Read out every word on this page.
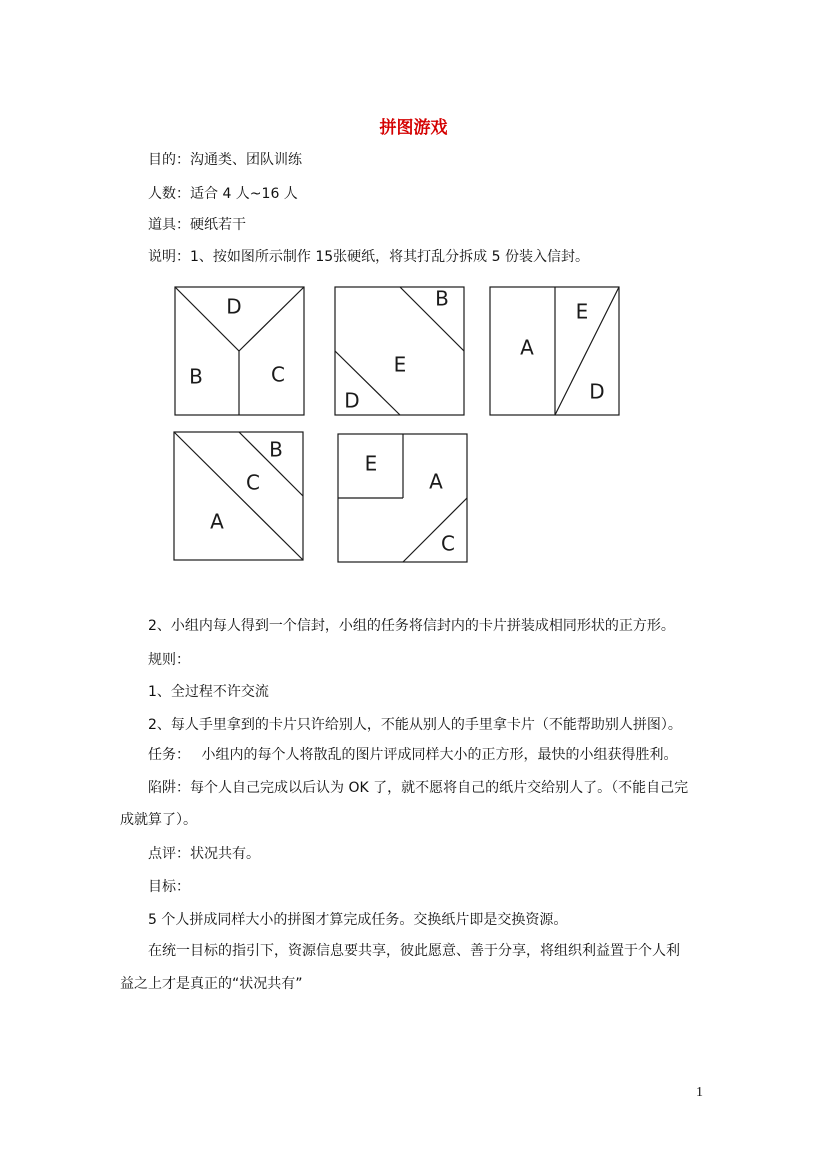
拼图游戏
目的：沟通类、团队训练
人数：适合 4 人~16 人
道具：硬纸若干
说明：1、按如图所示制作 15张硬纸，将其打乱分拆成 5 份装入信封。
D
B	C
B
E
D
A
E
D
B
C
A
E
A
C
2、小组内每人得到一个信封，小组的任务将信封内的卡片拼装成相同形状的正方形。
规则：
1、全过程不许交流
2、每人手里拿到的卡片只许给别人，不能从别人的手里拿卡片（不能帮助别人拼图）。
任务：　 小组内的每个人将散乱的图片评成同样大小的正方形，最快的小组获得胜利。
陷阱：每个人自己完成以后认为 OK 了，就不愿将自己的纸片交给别人了。（不能自己完
成就算了）。
点评：状况共有。
目标：
5 个人拼成同样大小的拼图才算完成任务。交换纸片即是交换资源。
在统一目标的指引下，资源信息要共享，彼此愿意、善于分享，将组织利益置于个人利
益之上才是真正的“状况共有”
1
